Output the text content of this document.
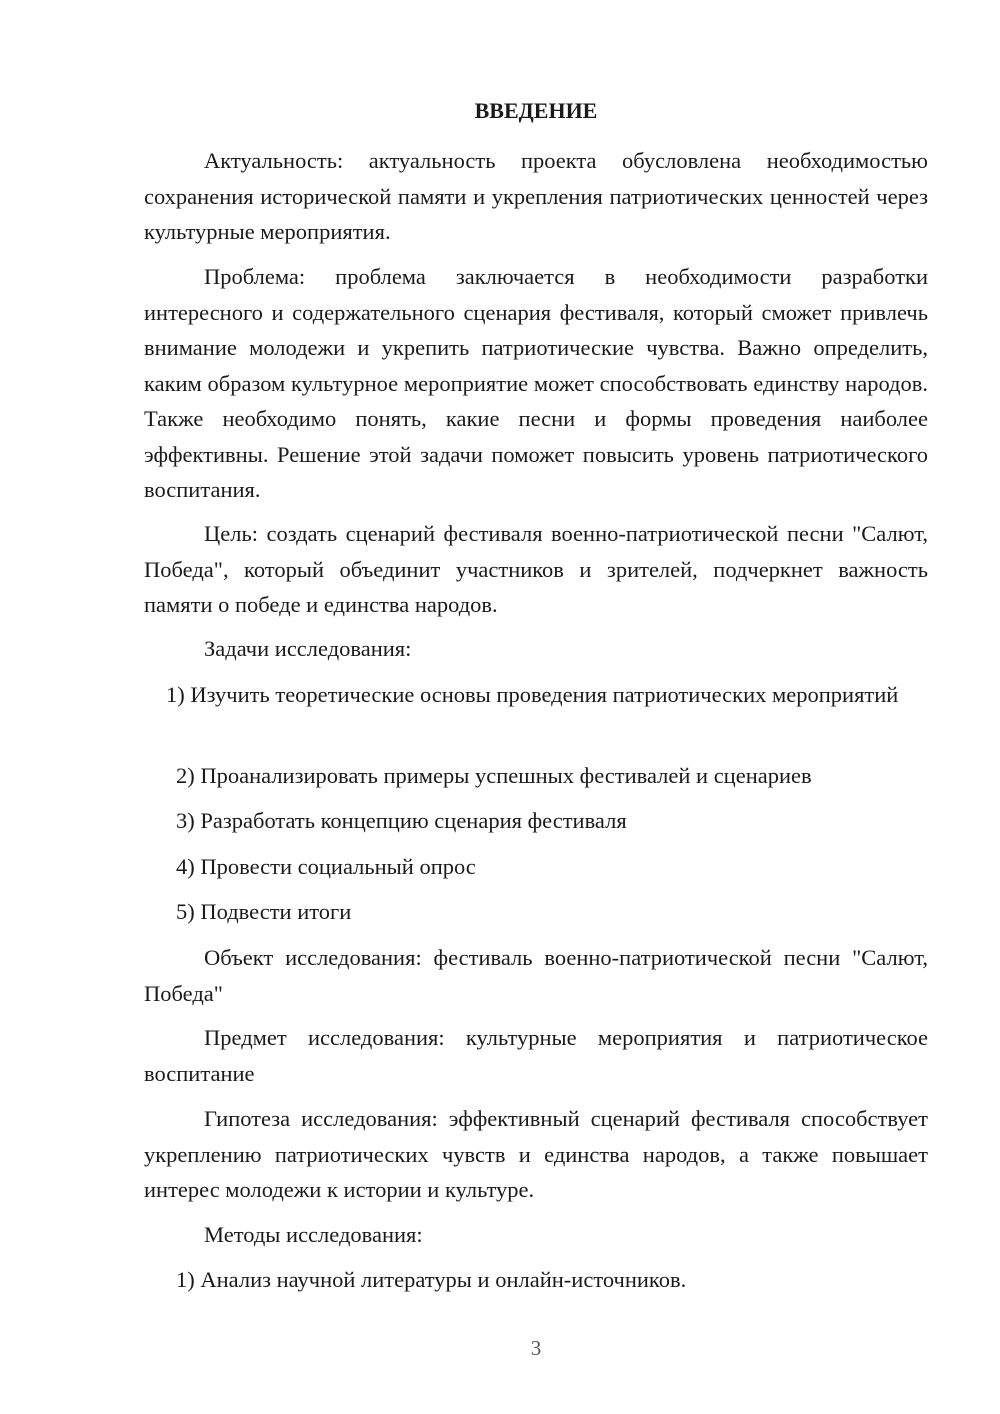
ВВЕДЕНИЕ

Актуальность: актуальность проекта обусловлена необходимостью сохранения исторической памяти и укрепления патриотических ценностей через культурные мероприятия.

Проблема: проблема заключается в необходимости разработки интересного и содержательного сценария фестиваля, который сможет привлечь внимание молодежи и укрепить патриотические чувства. Важно определить, каким образом культурное мероприятие может способствовать единству народов. Также необходимо понять, какие песни и формы проведения наиболее эффективны. Решение этой задачи поможет повысить уровень патриотического воспитания.

Цель: создать сценарий фестиваля военно-патриотической песни "Салют, Победа", который объединит участников и зрителей, подчеркнет важность памяти о победе и единства народов.

Задачи исследования:

1) Изучить теоретические основы проведения патриотических мероприятий

2) Проанализировать примеры успешных фестивалей и сценариев

3) Разработать концепцию сценария фестиваля

4) Провести социальный опрос

5) Подвести итоги

Объект исследования: фестиваль военно-патриотической песни "Салют, Победа"

Предмет исследования: культурные мероприятия и патриотическое воспитание

Гипотеза исследования: эффективный сценарий фестиваля способствует укреплению патриотических чувств и единства народов, а также повышает интерес молодежи к истории и культуре.

Методы исследования:

1) Анализ научной литературы и онлайн-источников.

3
